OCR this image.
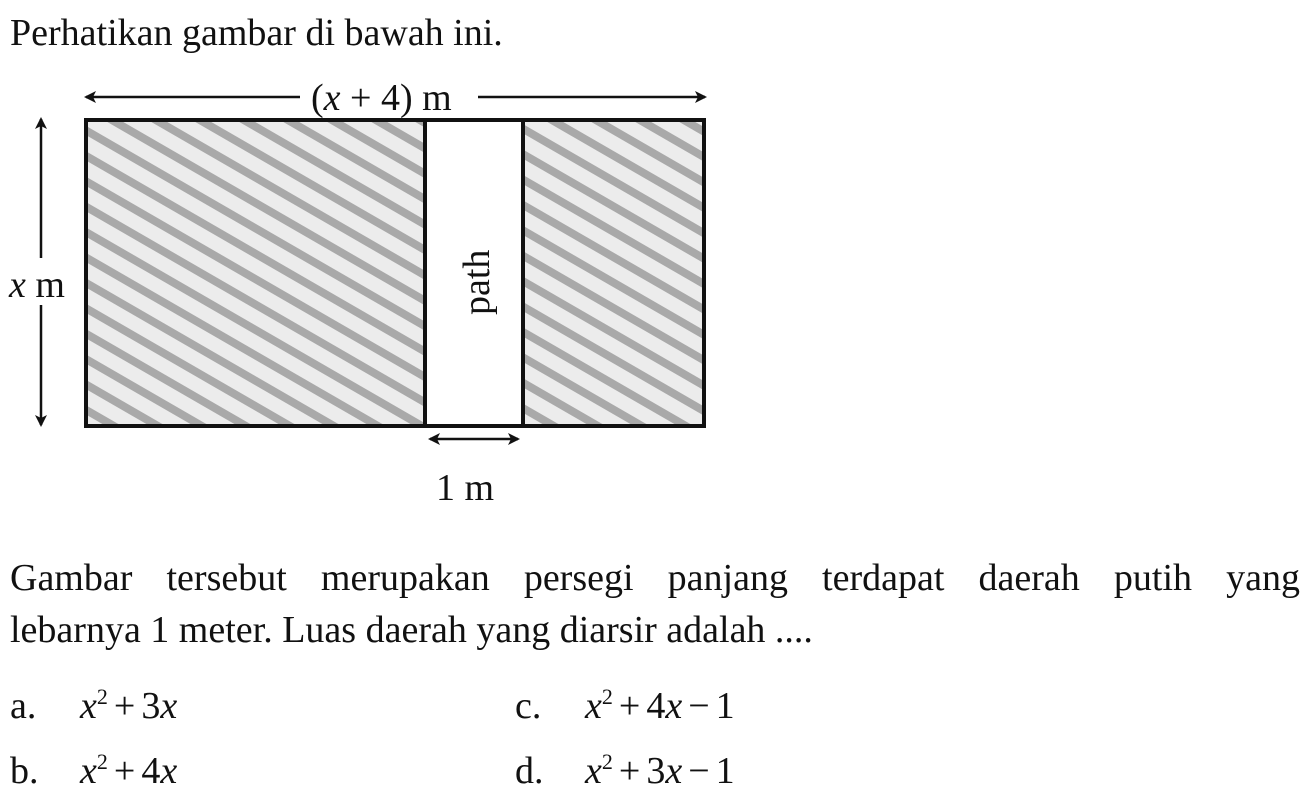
Perhatikan gambar di bawah ini.
(x + 4) m
x m	path
1 m
Gambar tersebut merupakan persegi panjang terdapat daerah putih yang
lebarnya 1 meter. Luas daerah yang diarsir adalah ....
a. $x^2 + 3x$
b. $x^2 + 4x$
c. $x^2 + 4x - 1$
d. $x^2 + 3x - 1$
